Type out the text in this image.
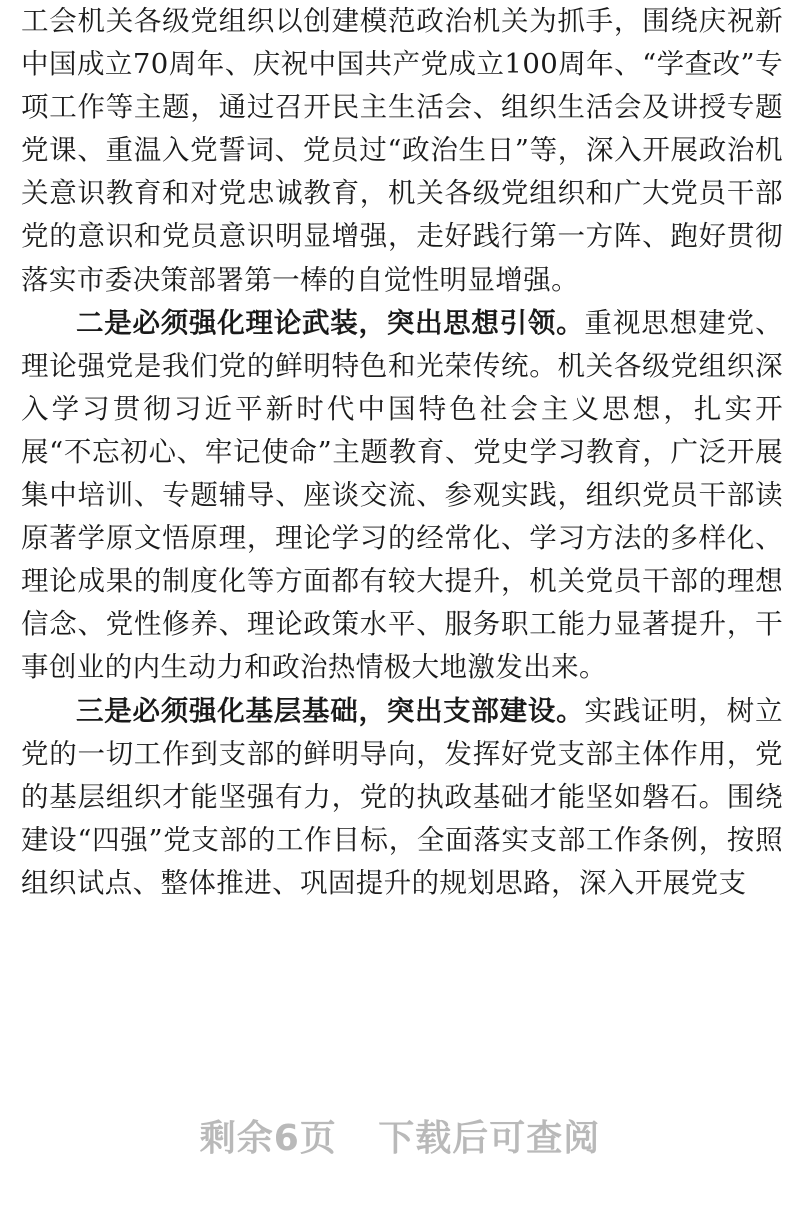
工会机关各级党组织以创建模范政治机关为抓手，围绕庆祝新中国成立70周年、庆祝中国共产党成立100周年、“学查改”专项工作等主题，通过召开民主生活会、组织生活会及讲授专题党课、重温入党誓词、党员过“政治生日”等，深入开展政治机关意识教育和对党忠诚教育，机关各级党组织和广大党员干部党的意识和党员意识明显增强，走好践行第一方阵、跑好贯彻落实市委决策部署第一棒的自觉性明显增强。

二是必须强化理论武装，突出思想引领。重视思想建党、理论强党是我们党的鲜明特色和光荣传统。机关各级党组织深入学习贯彻习近平新时代中国特色社会主义思想，扎实开展“不忘初心、牢记使命”主题教育、党史学习教育，广泛开展集中培训、专题辅导、座谈交流、参观实践，组织党员干部读原著学原文悟原理，理论学习的经常化、学习方法的多样化、理论成果的制度化等方面都有较大提升，机关党员干部的理想信念、党性修养、理论政策水平、服务职工能力显著提升，干事创业的内生动力和政治热情极大地激发出来。

三是必须强化基层基础，突出支部建设。实践证明，树立党的一切工作到支部的鲜明导向，发挥好党支部主体作用，党的基层组织才能坚强有力，党的执政基础才能坚如磐石。围绕建设“四强”党支部的工作目标，全面落实支部工作条例，按照组织试点、整体推进、巩固提升的规划思路，深入开展党支

剩余6页 下载后可查阅
